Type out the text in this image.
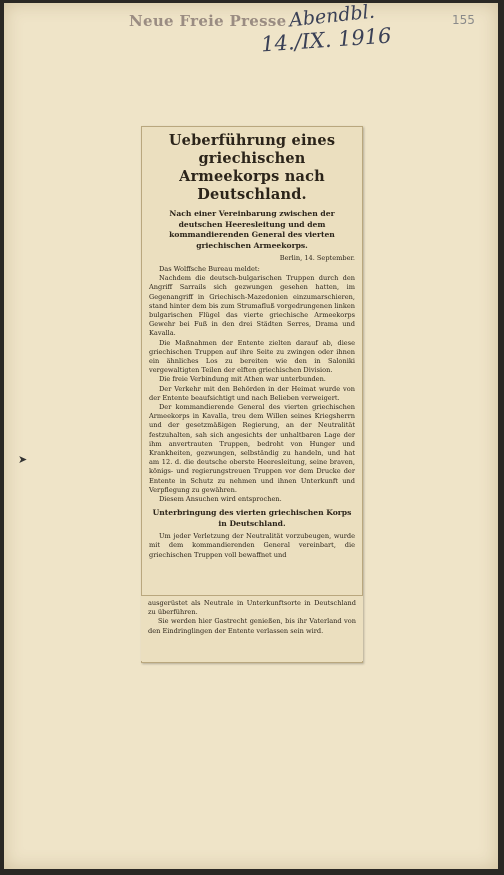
Neue Freie Presse Abendbl.
14./IX. 1916
155
➤
Ueberführung eines griechischen Armeekorps nach Deutschland.
Nach einer Vereinbarung zwischen der deutschen Heeresleitung und dem kommandierenden General des vierten griechischen Armeekorps.
Berlin, 14. September.

Das Wolffsche Bureau meldet:

Nachdem die deutsch-bulgarischen Truppen durch den Angriff Sarrails sich gezwungen gesehen hatten, im Gegenangriff in Griechisch-Mazedonien einzumarschieren, stand hinter dem bis zum Strumafluß vorgedrungenen linken bulgarischen Flügel das vierte griechische Armeekorps Gewehr bei Fuß in den drei Städten Serres, Drama und Kavalla.

Die Maßnahmen der Entente zielten darauf ab, diese griechischen Truppen auf ihre Seite zu zwingen oder ihnen ein ähnliches Los zu bereiten wie den in Saloniki vergewaltigten Teilen der elften griechischen Division.

Die freie Verbindung mit Athen war unterbunden.

Der Verkehr mit den Behörden in der Heimat wurde von der Entente beaufsichtigt und nach Belieben verweigert.

Der kommandierende General des vierten griechischen Armeekorps in Kavalla, treu dem Willen seines Kriegsherrn und der gesetzmäßigen Regierung, an der Neutralität festzuhalten, sah sich angesichts der unhaltbaren Lage der ihm anvertrauten Truppen, bedroht von Hunger und Krankheiten, gezwungen, selbständig zu handeln, und hat am 12. d. die deutsche oberste Heeresleitung, seine braven, königs- und regierungstreuen Truppen vor dem Drucke der Entente in Schutz zu nehmen und ihnen Unterkunft und Verpflegung zu gewähren.

Diesem Ansuchen wird entsprochen.

Unterbringung des vierten griechischen Korps in Deutschland.

Um jeder Verletzung der Neutralität vorzubeugen, wurde mit dem kommandierenden General vereinbart, die griechischen Truppen voll bewaffnet und

ausgerüstet als Neutrale in Unterkunftsorte in Deutschland zu überführen.

Sie werden hier Gastrecht genießen, bis ihr Vaterland von den Eindringlingen der Entente verlassen sein wird.
